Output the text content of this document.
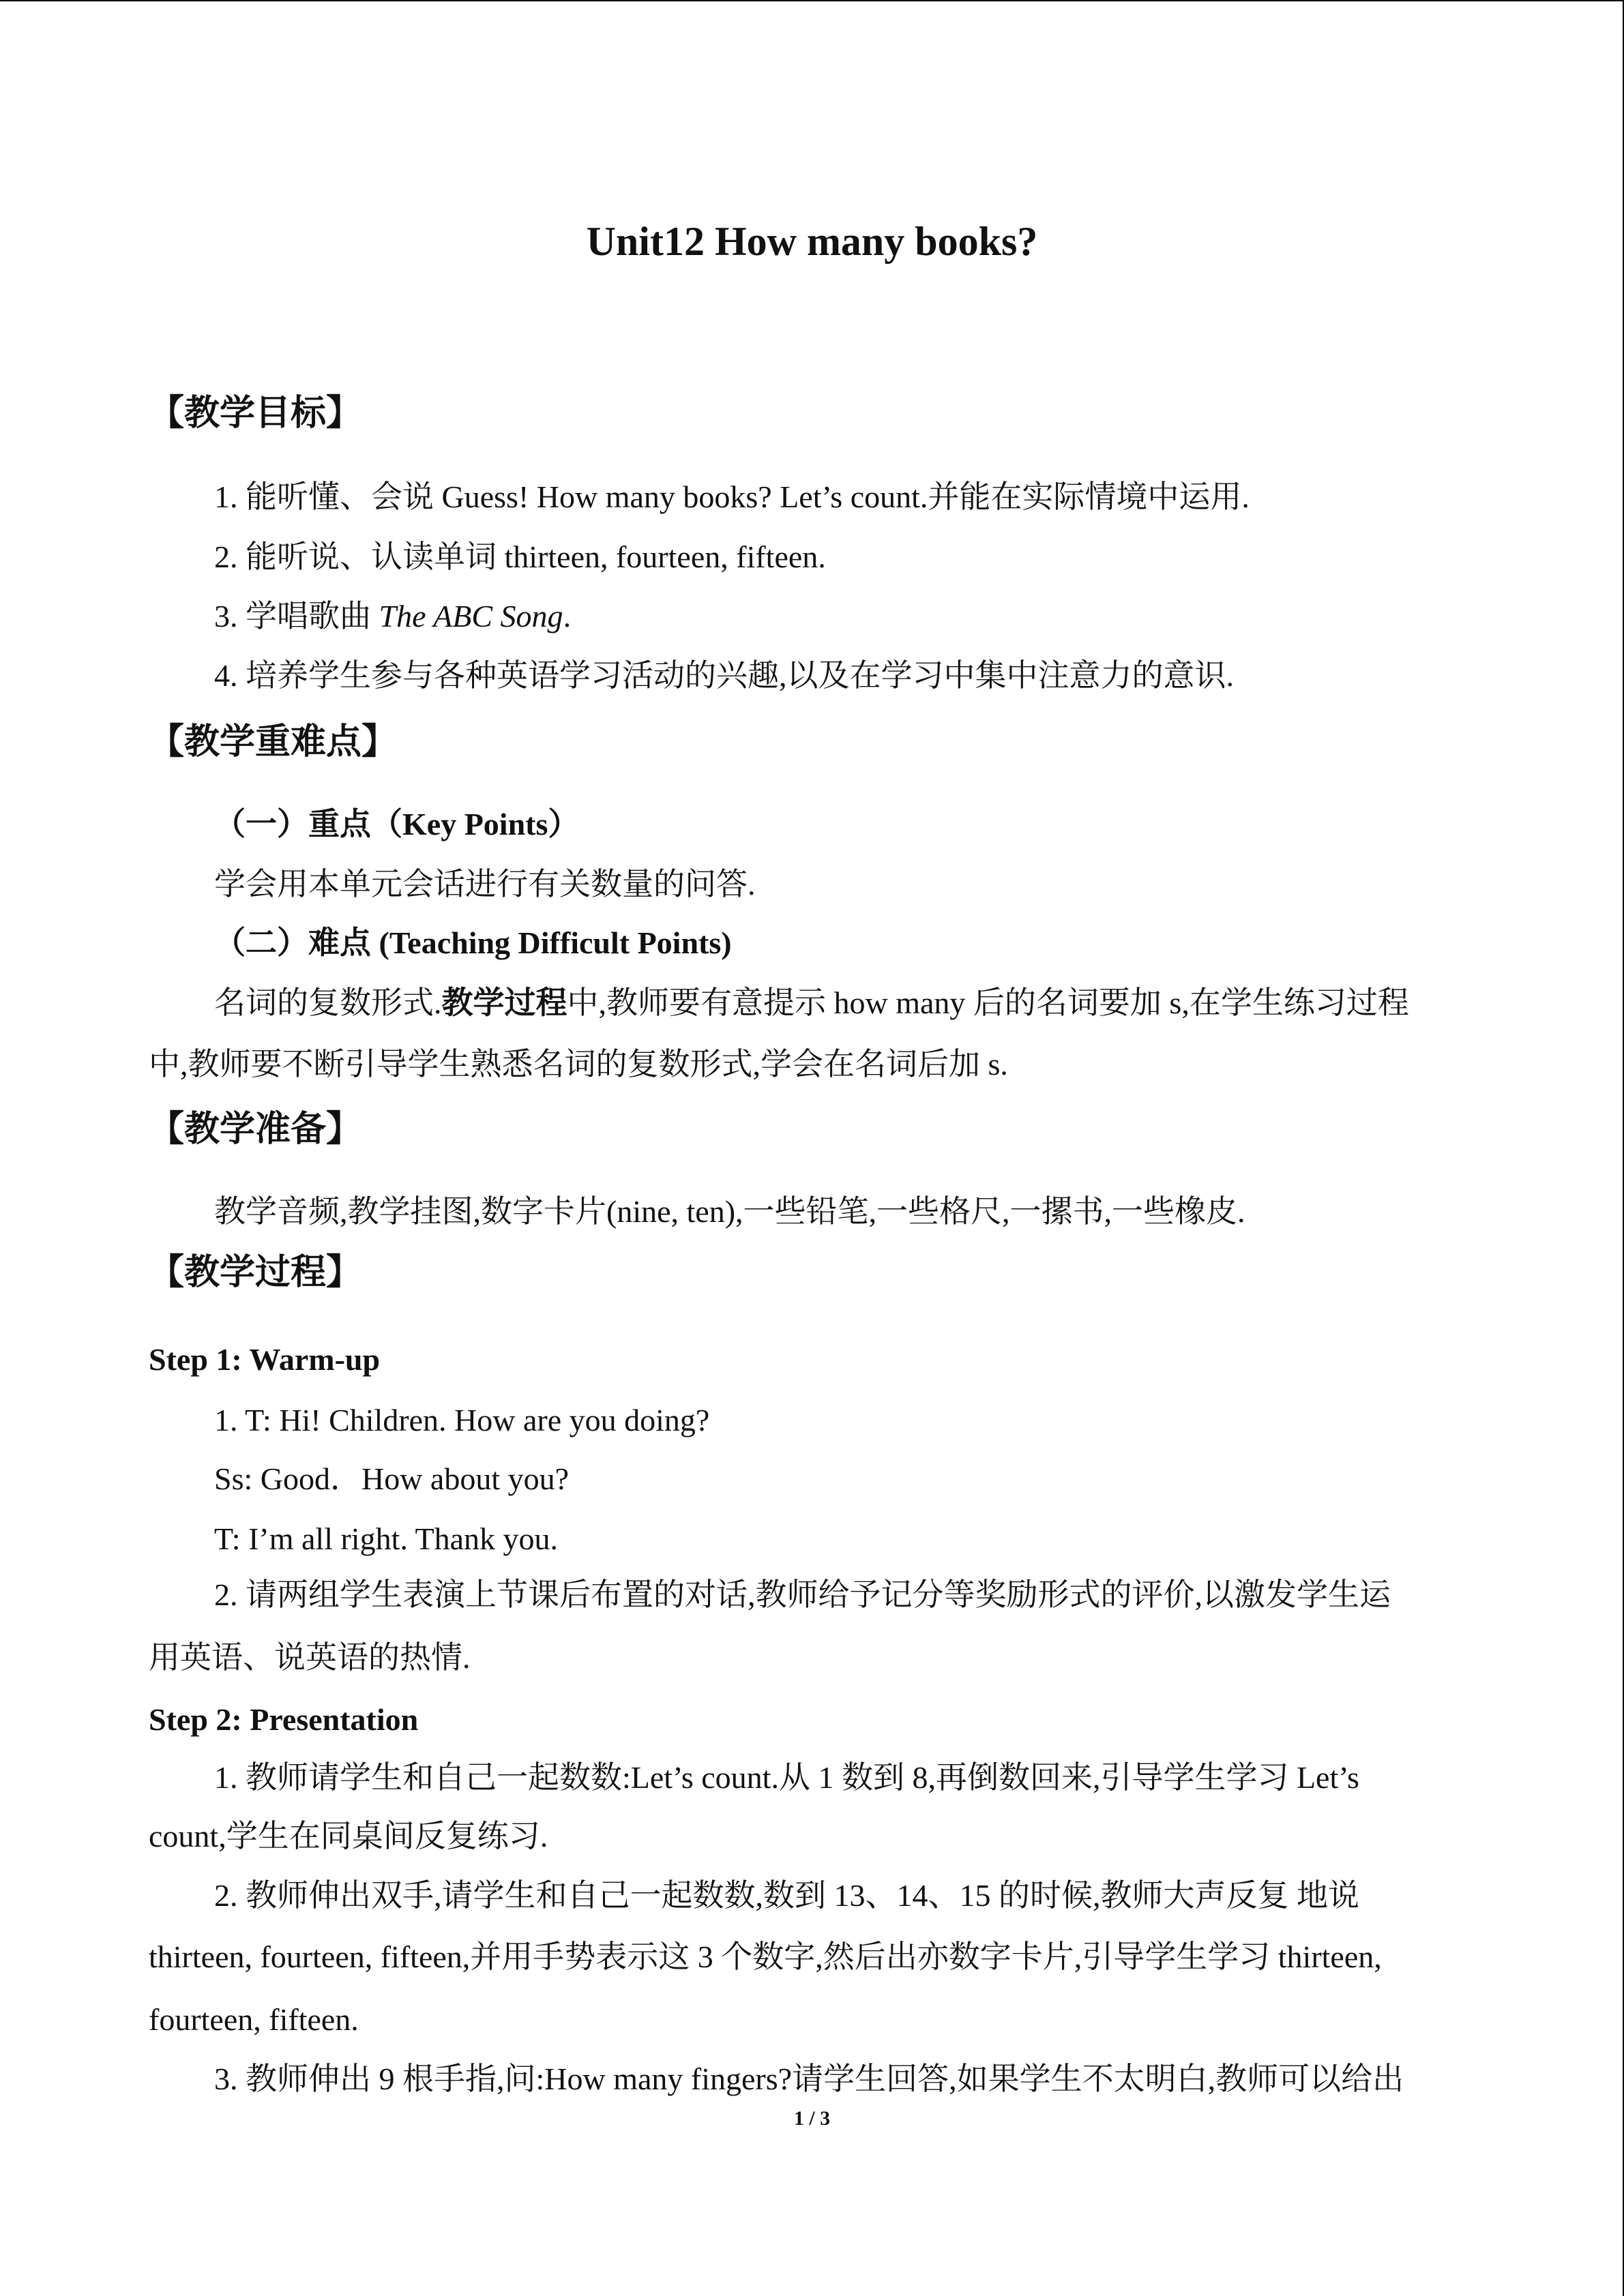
Unit12 How many books?
【教学目标】
1. 能听懂、会说 Guess! How many books? Let’s count.并能在实际情境中运用.
2. 能听说、认读单词 thirteen, fourteen, fifteen.
3. 学唱歌曲 The ABC Song.
4. 培养学生参与各种英语学习活动的兴趣,以及在学习中集中注意力的意识.
【教学重难点】
（一）重点（Key Points）
学会用本单元会话进行有关数量的问答.
（二）难点 (Teaching Difficult Points)
名词的复数形式.教学过程中,教师要有意提示 how many 后的名词要加 s,在学生练习过程
中,教师要不断引导学生熟悉名词的复数形式,学会在名词后加 s.
【教学准备】
教学音频,教学挂图,数字卡片(nine, ten),一些铅笔,一些格尺,一摞书,一些橡皮.
【教学过程】
Step 1: Warm-up
1. T: Hi! Children. How are you doing?
Ss: Good．How about you?
T: I’m all right. Thank you.
2. 请两组学生表演上节课后布置的对话,教师给予记分等奖励形式的评价,以激发学生运
用英语、说英语的热情.
Step 2: Presentation
1. 教师请学生和自己一起数数:Let’s count.从 1 数到 8,再倒数回来,引导学生学习 Let’s
count,学生在同桌间反复练习.
2. 教师伸出双手,请学生和自己一起数数,数到 13、14、15 的时候,教师大声反复 地说
thirteen, fourteen, fifteen,并用手势表示这 3 个数字,然后出亦数字卡片,引导学生学习 thirteen,
fourteen, fifteen.
3. 教师伸出 9 根手指,问:How many fingers?请学生回答,如果学生不太明白,教师可以给出
1 / 3
